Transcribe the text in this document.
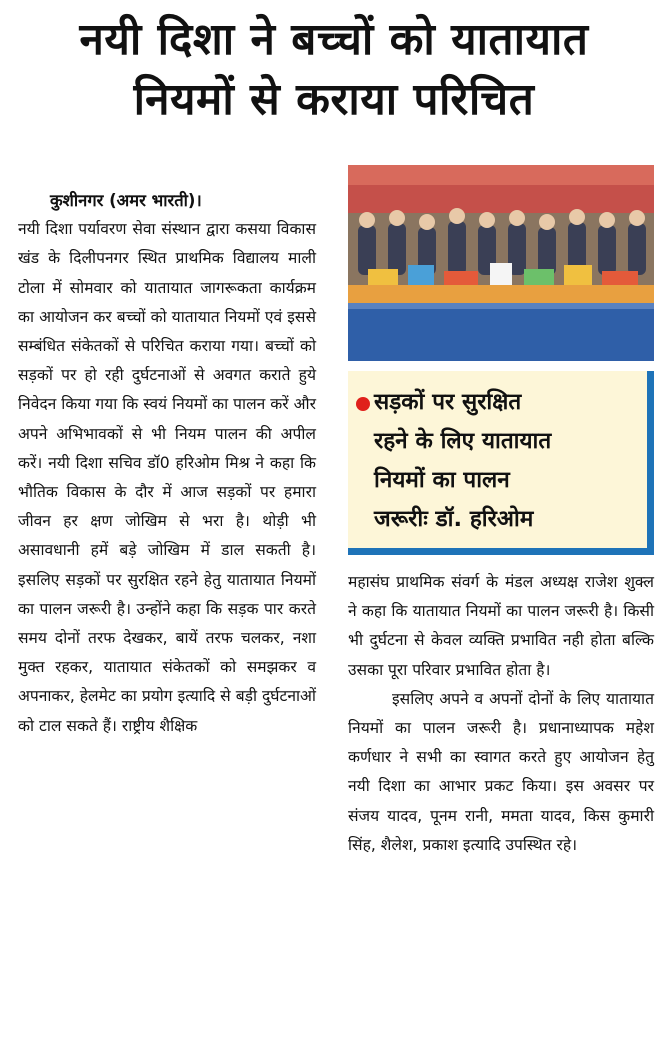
नयी दिशा ने बच्चों को यातायात
नियमों से कराया परिचित
कुशीनगर (अमर भारती)।
नयी दिशा पर्यावरण सेवा संस्थान द्वारा कसया विकास खंड के दिलीपनगर स्थित प्राथमिक विद्यालय माली टोला में सोमवार को यातायात जागरूकता कार्यक्रम का आयोजन कर बच्चों को यातायात नियमों एवं इससे सम्बंधित संकेतकों से परिचित कराया गया। बच्चों को सड़कों पर हो रही दुर्घटनाओं से अवगत कराते हुये निवेदन किया गया कि स्वयं नियमों का पालन करें और अपने अभिभावकों से भी नियम पालन की अपील करें। नयी दिशा सचिव डॉ0 हरिओम मिश्र ने कहा कि भौतिक विकास के दौर में आज सड़कों पर हमारा जीवन हर क्षण जोखिम से भरा है। थोड़ी भी असावधानी हमें बड़े जोखिम में डाल सकती है। इसलिए सड़कों पर सुरक्षित रहने हेतु यातायात नियमों का पालन जरूरी है। उन्होंने कहा कि सड़क पार करते समय दोनों तरफ देखकर, बायें तरफ चलकर, नशा मुक्त रहकर, यातायात संकेतकों को समझकर व अपनाकर, हेलमेट का प्रयोग इत्यादि से बड़ी दुर्घटनाओं को टाल सकते हैं। राष्ट्रीय शैक्षिक
सड़कों पर सुरक्षित
रहने के लिए यातायात
नियमों का पालन
जरूरीः डॉ. हरिओम

महासंघ प्राथमिक संवर्ग के मंडल अध्यक्ष राजेश शुक्ल ने कहा कि यातायात नियमों का पालन जरूरी है। किसी भी दुर्घटना से केवल व्यक्ति प्रभावित नही होता बल्कि उसका पूरा परिवार प्रभावित होता है।

इसलिए अपने व अपनों दोनों के लिए यातायात नियमों का पालन जरूरी है। प्रधानाध्यापक महेश कर्णधार ने सभी का स्वागत करते हुए आयोजन हेतु नयी दिशा का आभार प्रकट किया। इस अवसर पर संजय यादव, पूनम रानी, ममता यादव, किस कुमारी सिंह, शैलेश, प्रकाश इत्यादि उपस्थित रहे।
